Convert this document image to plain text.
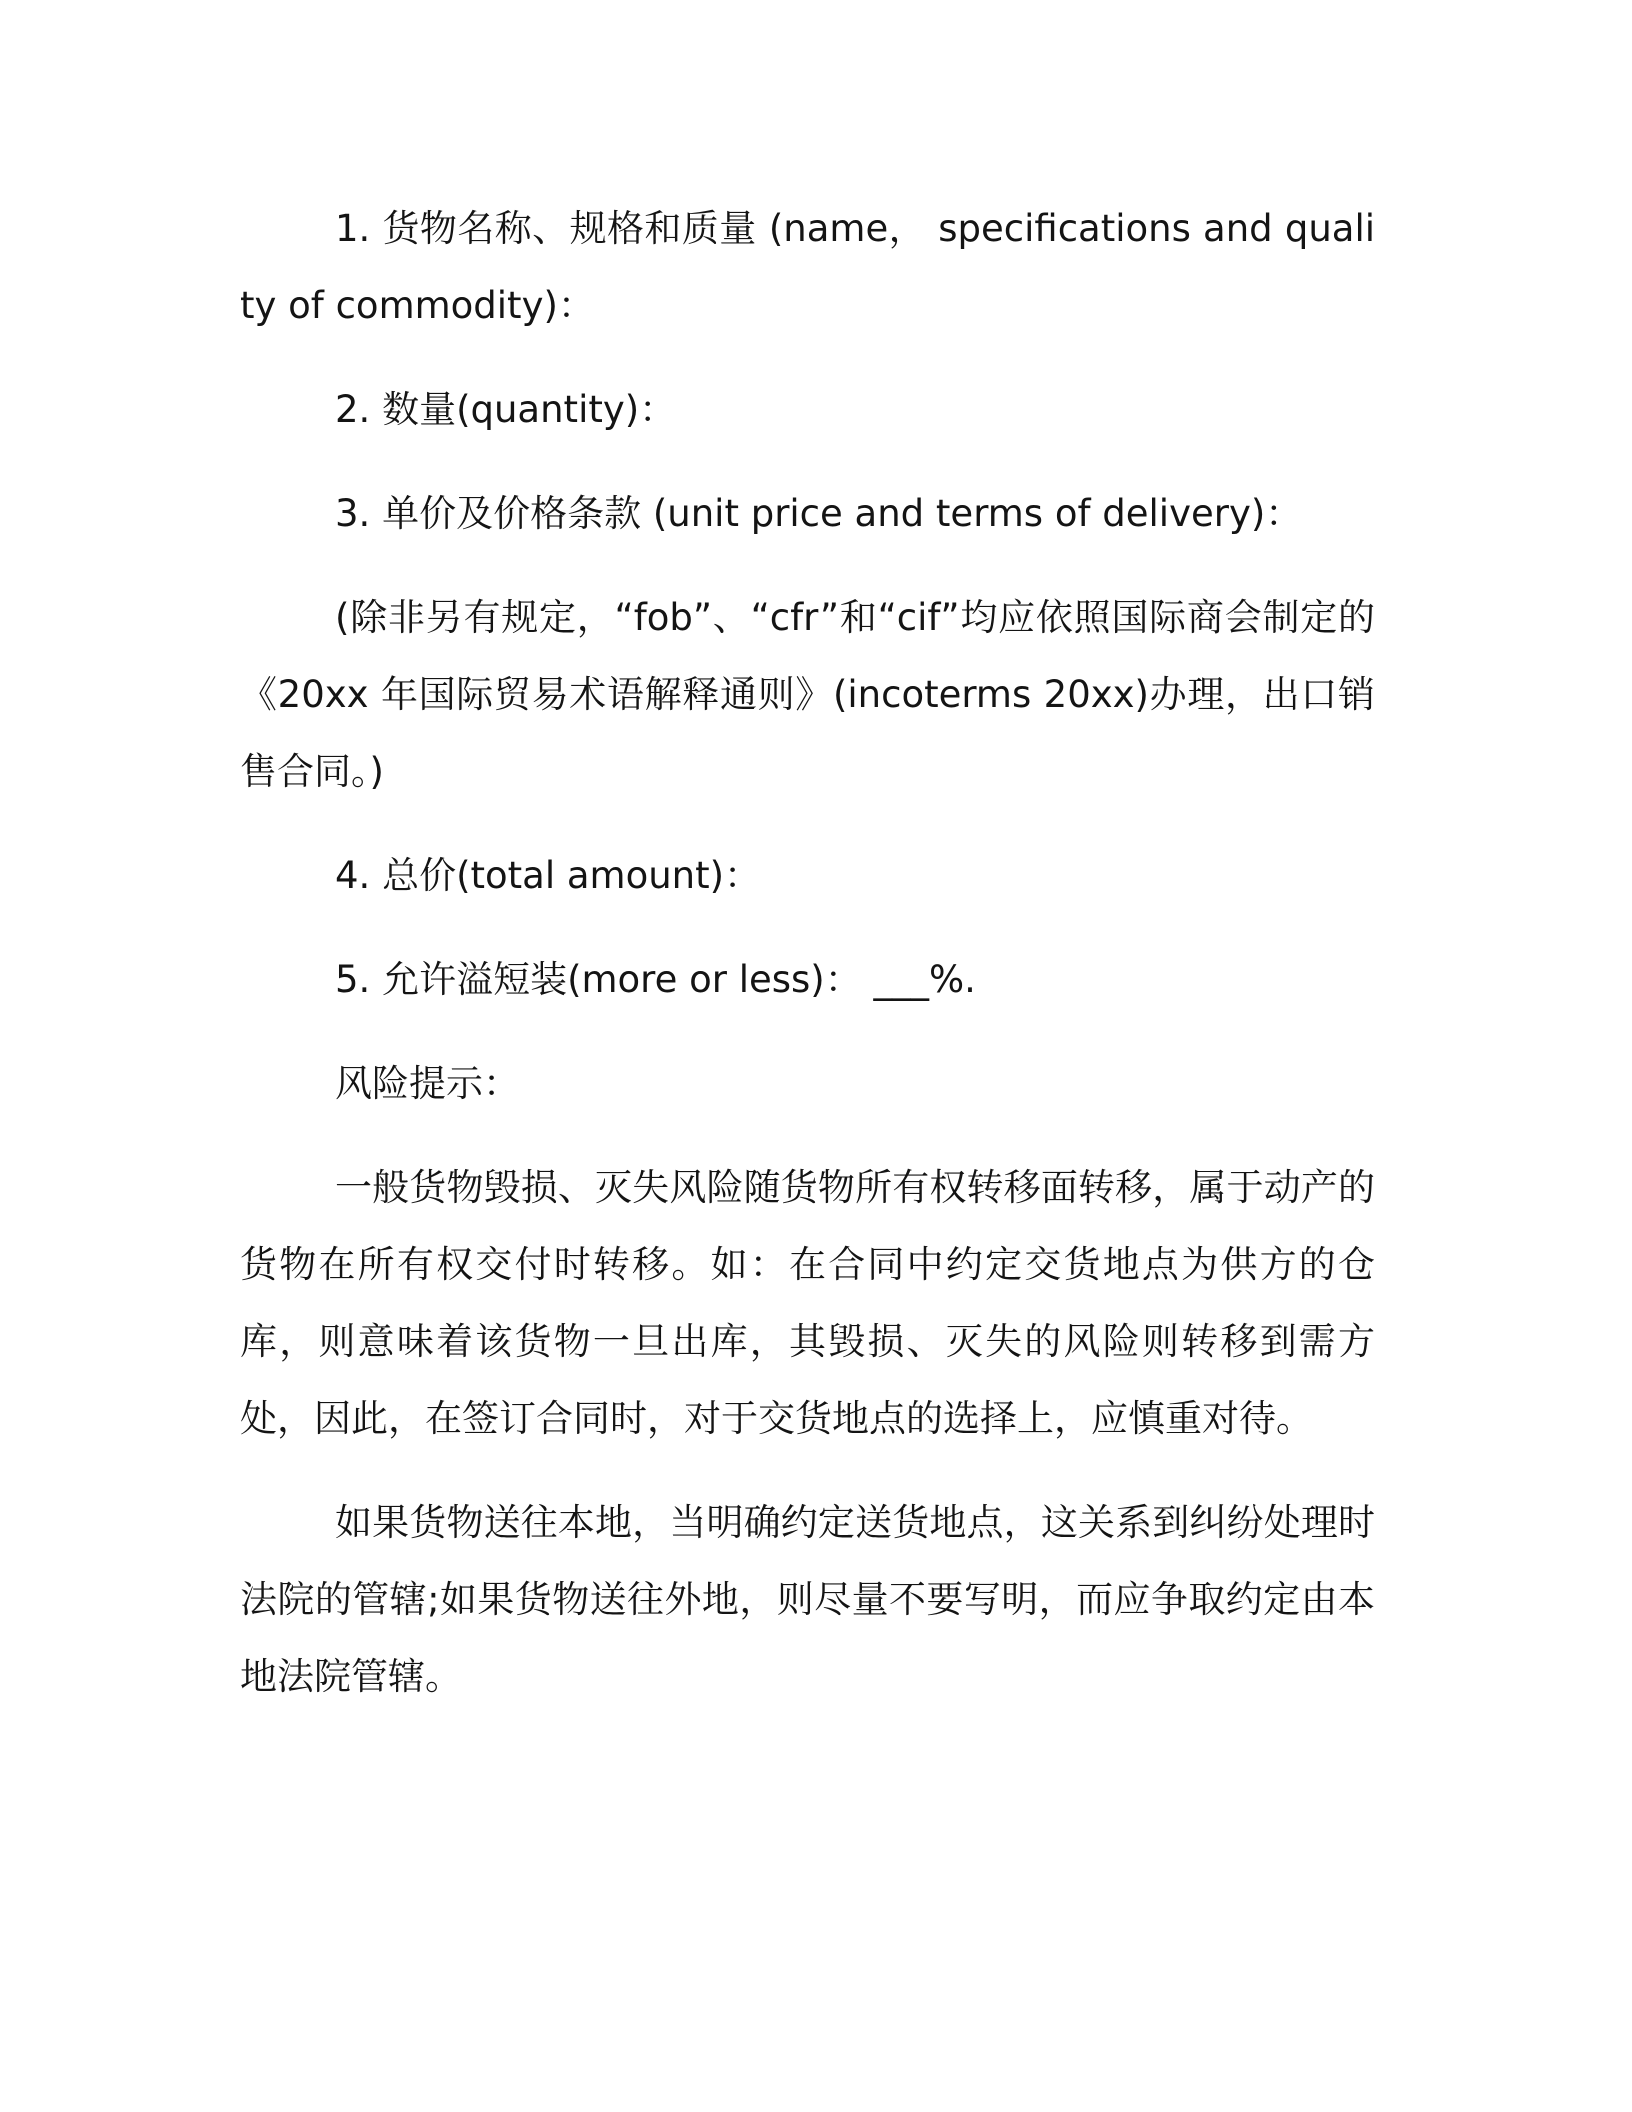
1. 货物名称、规格和质量 (name， specifications and quality of commodity)：

2. 数量(quantity)：

3. 单价及价格条款 (unit price and terms of delivery)：

(除非另有规定，“fob”、“cfr”和“cif”均应依照国际商会制定的《20xx 年国际贸易术语解释通则》(incoterms 20xx)办理，出口销售合同。)

4. 总价(total amount)：

5. 允许溢短装(more or less)： ___%.

风险提示：

一般货物毁损、灭失风险随货物所有权转移面转移，属于动产的货物在所有权交付时转移。如：在合同中约定交货地点为供方的仓库，则意味着该货物一旦出库，其毁损、灭失的风险则转移到需方处，因此，在签订合同时，对于交货地点的选择上，应慎重对待。

如果货物送往本地，当明确约定送货地点，这关系到纠纷处理时法院的管辖;如果货物送往外地，则尽量不要写明，而应争取约定由本地法院管辖。
